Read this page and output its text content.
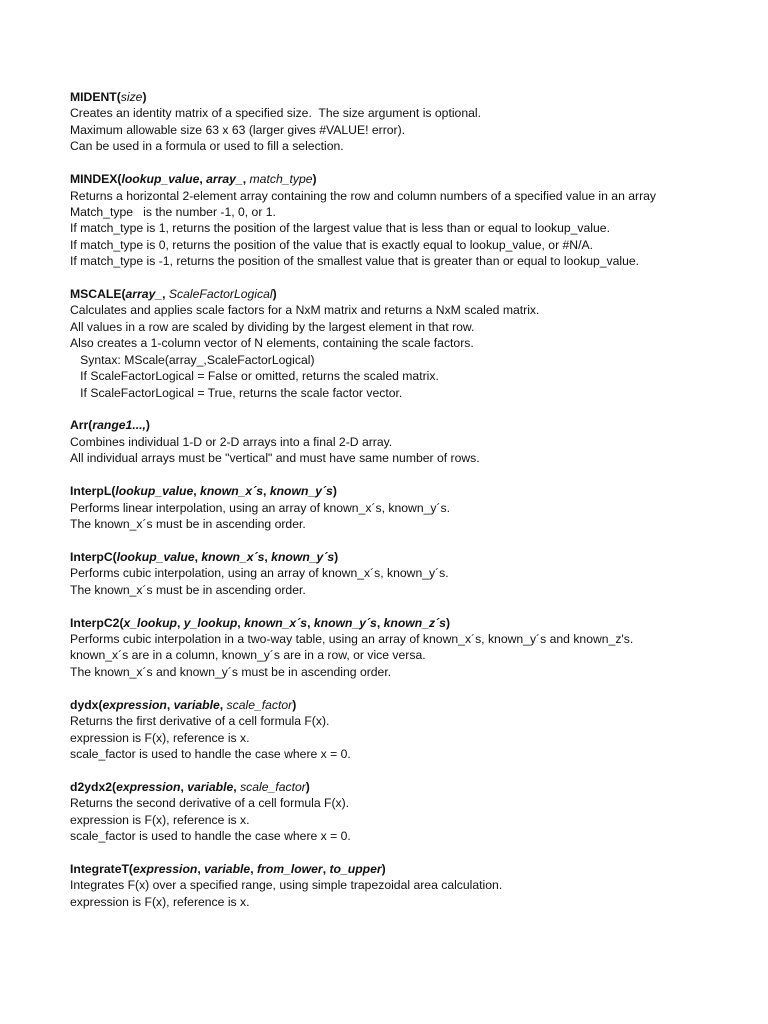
MIDENT(size)
Creates an identity matrix of a specified size.  The size argument is optional.
Maximum allowable size 63 x 63 (larger gives #VALUE! error).
Can be used in a formula or used to fill a selection.
MINDEX(lookup_value, array_, match_type)
Returns a horizontal 2-element array containing the row and column numbers of a specified value in an array
Match_type   is the number -1, 0, or 1.
If match_type is 1, returns the position of the largest value that is less than or equal to lookup_value.
If match_type is 0, returns the position of the value that is exactly equal to lookup_value, or #N/A.
If match_type is -1, returns the position of the smallest value that is greater than or equal to lookup_value.
MSCALE(array_, ScaleFactorLogical)
Calculates and applies scale factors for a NxM matrix and returns a NxM scaled matrix.
All values in a row are scaled by dividing by the largest element in that row.
Also creates a 1-column vector of N elements, containing the scale factors.
Syntax: MScale(array_,ScaleFactorLogical)
If ScaleFactorLogical = False or omitted, returns the scaled matrix.
If ScaleFactorLogical = True, returns the scale factor vector.
Arr(range1...,)
Combines individual 1-D or 2-D arrays into a final 2-D array.
All individual arrays must be "vertical" and must have same number of rows.
InterpL(lookup_value, known_x´s, known_y´s)
Performs linear interpolation, using an array of known_x´s, known_y´s.
The known_x´s must be in ascending order.
InterpC(lookup_value, known_x´s, known_y´s)
Performs cubic interpolation, using an array of known_x´s, known_y´s.
The known_x´s must be in ascending order.
InterpC2(x_lookup, y_lookup, known_x´s, known_y´s, known_z´s)
Performs cubic interpolation in a two-way table, using an array of known_x´s, known_y´s and known_z's.
known_x´s are in a column, known_y´s are in a row, or vice versa.
The known_x´s and known_y´s must be in ascending order.
dydx(expression, variable, scale_factor)
Returns the first derivative of a cell formula F(x).
expression is F(x), reference is x.
scale_factor is used to handle the case where x = 0.
d2ydx2(expression, variable, scale_factor)
Returns the second derivative of a cell formula F(x).
expression is F(x), reference is x.
scale_factor is used to handle the case where x = 0.
IntegrateT(expression, variable, from_lower, to_upper)
Integrates F(x) over a specified range, using simple trapezoidal area calculation.
expression is F(x), reference is x.
